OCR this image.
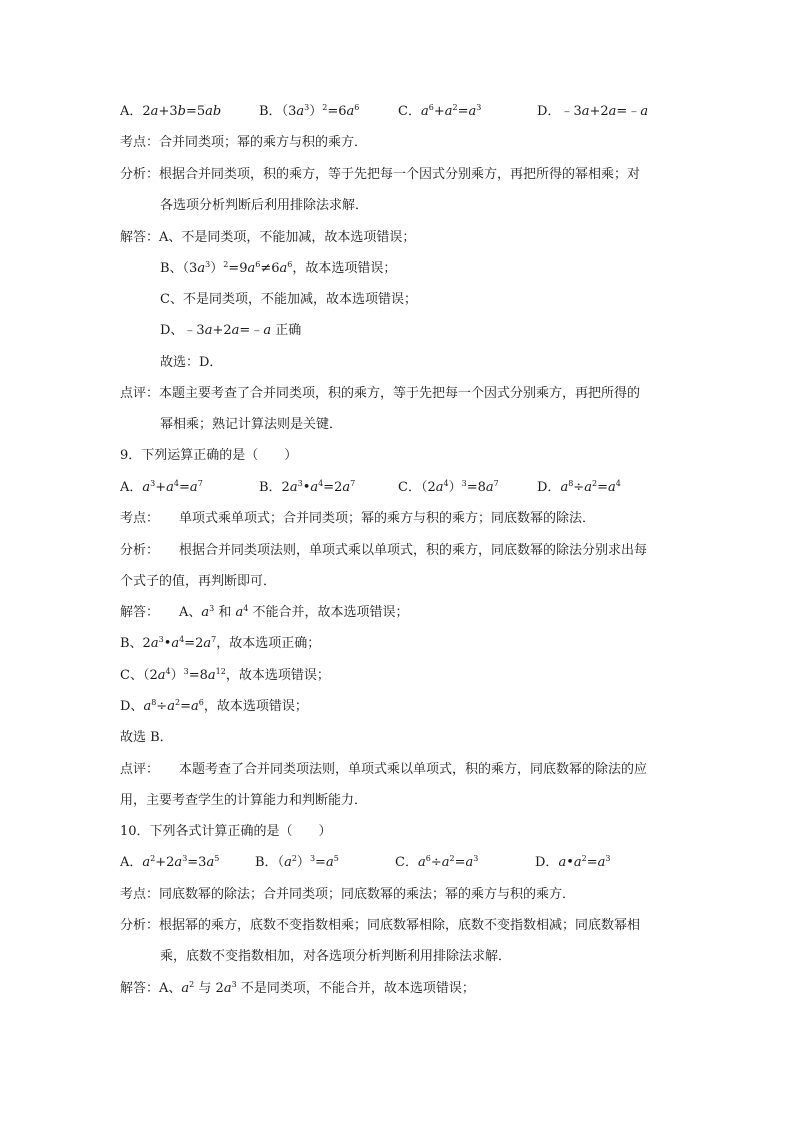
A．2a+3b=5ab	B．$(3a^3)^2=6a^6$	C．$a^6+a^2=a^3$	D．﹣3a+2a=﹣a
考点：合并同类项；幂的乘方与积的乘方．
分析：根据合并同类项，积的乘方，等于先把每一个因式分别乘方，再把所得的幂相乘；对
各选项分析判断后利用排除法求解．
解答：A、不是同类项，不能加减，故本选项错误；
B、$(3a^3)^2=9a^6\ne 6a^6$，故本选项错误；
C、不是同类项，不能加减，故本选项错误；
D、﹣3a+2a=﹣a 正确
故选：D．
点评：本题主要考查了合并同类项，积的乘方，等于先把每一个因式分别乘方，再把所得的
幂相乘；熟记计算法则是关键．
9．下列运算正确的是（　　）
A．$a^3+a^4=a^7$	B．$2a^3•a^4=2a^7$	C．$(2a^4)^3=8a^7$	D．$a^8\div a^2=a^4$
考点： 单项式乘单项式；合并同类项；幂的乘方与积的乘方；同底数幂的除法．
分析： 根据合并同类项法则，单项式乘以单项式，积的乘方，同底数幂的除法分别求出每
个式子的值，再判断即可．
解答： A、$a^3$ 和 $a^4$ 不能合并，故本选项错误；
B、$2a^3•a^4=2a^7$，故本选项正确；
C、$(2a^4)^3=8a^{12}$，故本选项错误；
D、$a^8\div a^2=a^6$，故本选项错误；
故选 B．
点评： 本题考查了合并同类项法则，单项式乘以单项式，积的乘方，同底数幂的除法的应
用，主要考查学生的计算能力和判断能力．
10．下列各式计算正确的是（　　）
A．$a^2+2a^3=3a^5$	B．$(a^2)^3=a^5$	C．$a^6\div a^2=a^3$	D．$a•a^2=a^3$
考点：同底数幂的除法；合并同类项；同底数幂的乘法；幂的乘方与积的乘方．
分析：根据幂的乘方，底数不变指数相乘；同底数幂相除，底数不变指数相减；同底数幂相
乘，底数不变指数相加，对各选项分析判断利用排除法求解．
解答：A、$a^2$ 与 $2a^3$ 不是同类项，不能合并，故本选项错误；
